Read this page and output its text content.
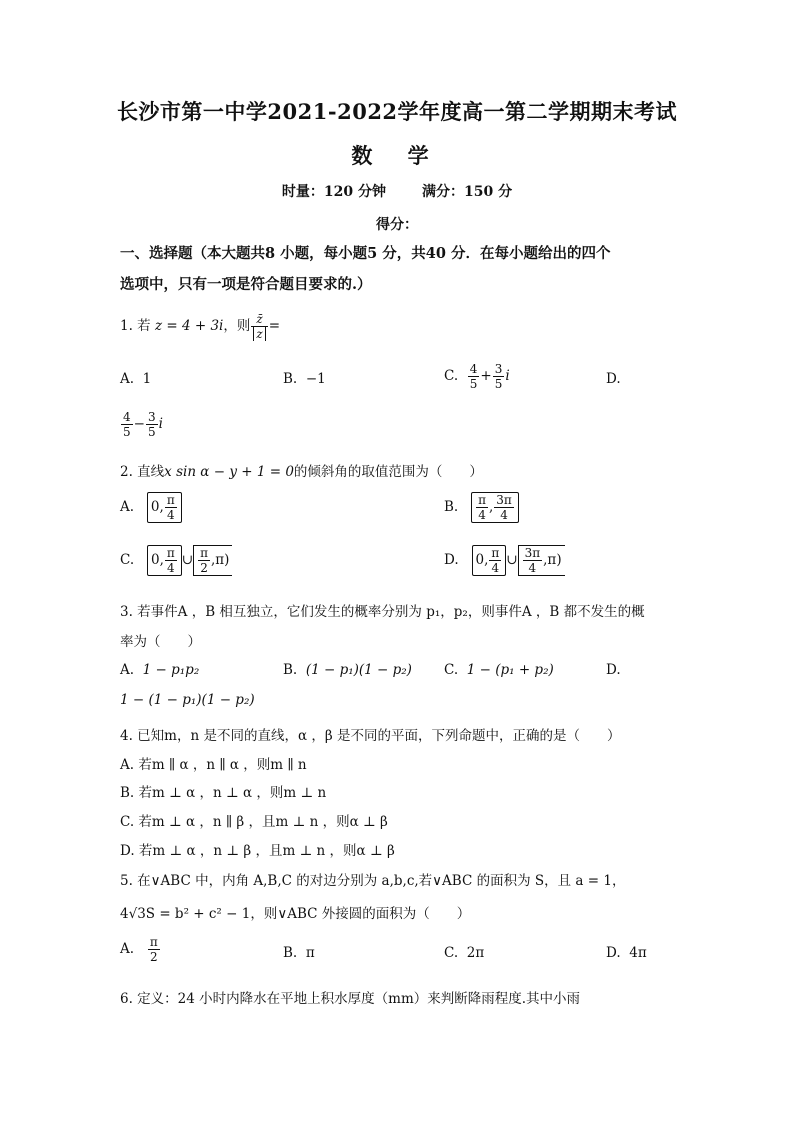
长沙市第一中学2021-2022学年度高一第二学期期末考试
数 学
时量：120 分钟	满分：150 分
得分：
一、选择题（本大题共8 小题，每小题5 分，共40 分．在每小题给出的四个
选项中，只有一项是符合题目要求的.）
1. 若 z = 4 + 3i，则 $\frac{z̄}{z}$ =
A. 1	B. −1	C. $\frac{4}{5} + \frac{3}{5}$ i	D.
$\frac{4}{5} - \frac{3}{5}$ i
2. 直线x sin α − y + 1 = 0的倾斜角的取值范围为（　　）
A. 0, $\frac{\pi}{4}$	B. $\frac{\pi}{4}$ , $\frac{3\pi}{4}$
C. 0, $\frac{\pi}{4}$ ∪ $\frac{\pi}{2} ,\pi$)	D. 0, $\frac{\pi}{4}$ ∪ $\frac{3\pi}{4} ,\pi$)
3. 若事件A ，B 相互独立，它们发生的概率分别为 p₁，p₂，则事件A ，B 都不发生的概
率为（　　）
A. 1 − p₁p₂	B. (1 − p₁)(1 − p₂) C. 1 − (p₁ + p₂)	D.
1 − (1 − p₁)(1 − p₂)
4. 已知m，n 是不同的直线，α ，β 是不同的平面，下列命题中，正确的是（　　）
A. 若m ∥ α ，n ∥ α ，则m ∥ n
B. 若m ⊥ α ，n ⊥ α ，则m ⊥ n
C. 若m ⊥ α ，n ∥ β ，且m ⊥ n ，则α ⊥ β
D. 若m ⊥ α ，n ⊥ β ，且m ⊥ n ，则α ⊥ β
5. 在∨ABC 中，内角 A,B,C 的对边分别为 a,b,c,若∨ABC 的面积为 S，且 a = 1，
4√3S = b² + c² − 1，则∨ABC 外接圆的面积为（　　）
A. $\frac{\pi}{2}$	B. π	C. 2π	D. 4π
6. 定义：24 小时内降水在平地上积水厚度（mm）来判断降雨程度.其中小雨
